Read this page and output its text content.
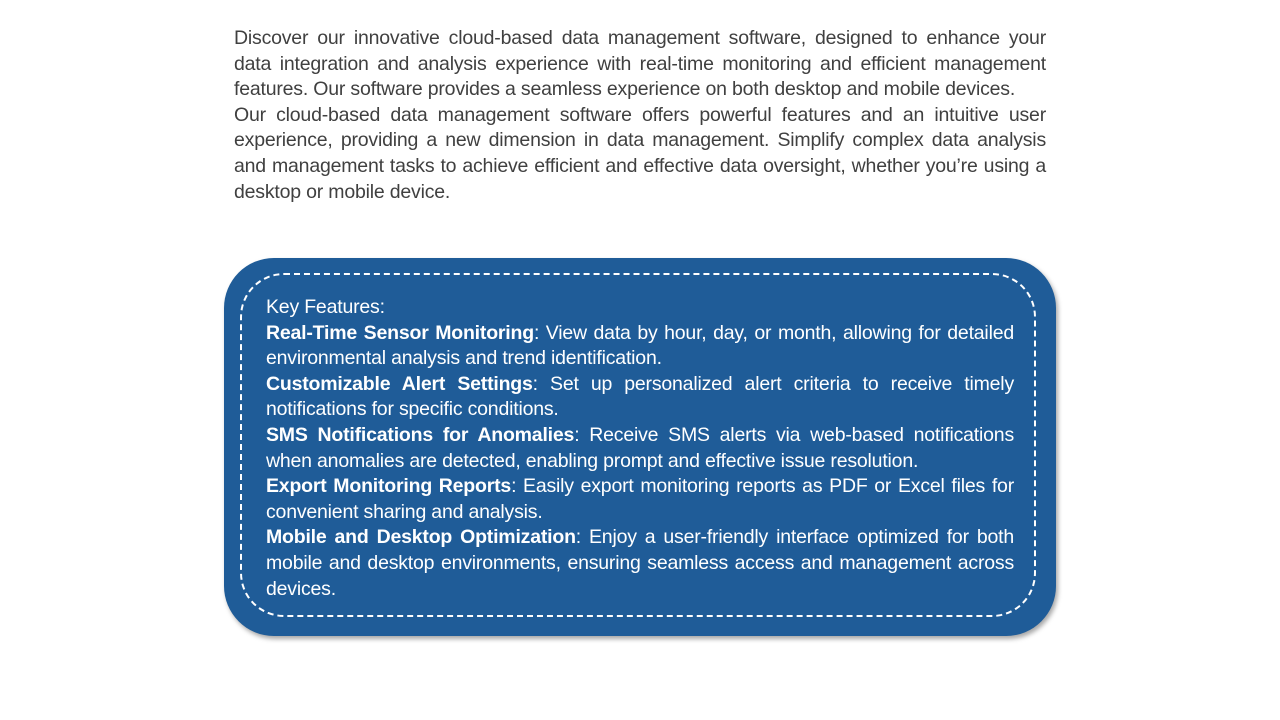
Discover our innovative cloud-based data management software, designed to enhance your data integration and analysis experience with real-time monitoring and efficient management features. Our software provides a seamless experience on both desktop and mobile devices.

Our cloud-based data management software offers powerful features and an intuitive user experience, providing a new dimension in data management. Simplify complex data analysis and management tasks to achieve efficient and effective data oversight, whether you’re using a desktop or mobile device.

Key Features:

Real-Time Sensor Monitoring: View data by hour, day, or month, allowing for detailed environmental analysis and trend identification.

Customizable Alert Settings: Set up personalized alert criteria to receive timely notifications for specific conditions.

SMS Notifications for Anomalies: Receive SMS alerts via web-based notifications when anomalies are detected, enabling prompt and effective issue resolution.

Export Monitoring Reports: Easily export monitoring reports as PDF or Excel files for convenient sharing and analysis.

Mobile and Desktop Optimization: Enjoy a user-friendly interface optimized for both mobile and desktop environments, ensuring seamless access and management across devices.
